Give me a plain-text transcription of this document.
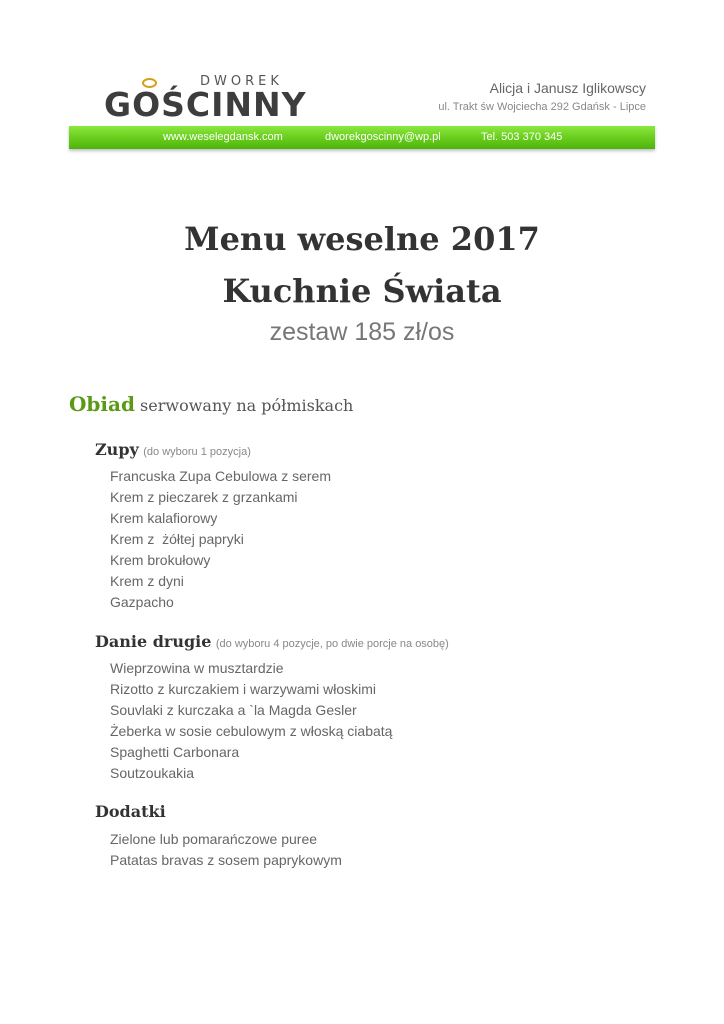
DWOREK
GOŚCINNY	Alicja i Janusz Iglikowscy
ul. Trakt św Wojciecha 292 Gdańsk - Lipce
www.weselegdansk.com	dworekgoscinny@wp.pl	Tel. 503 370 345
Menu weselne 2017
Kuchnie Świata
zestaw 185 zł/os
Obiad serwowany na półmiskach
Zupy (do wyboru 1 pozycja)
Francuska Zupa Cebulowa z serem
Krem z pieczarek z grzankami
Krem kalafiorowy
Krem z  żółtej papryki
Krem brokułowy
Krem z dyni
Gazpacho
Danie drugie (do wyboru 4 pozycje, po dwie porcje na osobę)
Wieprzowina w musztardzie
Rizotto z kurczakiem i warzywami włoskimi
Souvlaki z kurczaka a `la Magda Gesler
Żeberka w sosie cebulowym z włoską ciabatą
Spaghetti Carbonara
Soutzoukakia
Dodatki
Zielone lub pomarańczowe puree
Patatas bravas z sosem paprykowym
